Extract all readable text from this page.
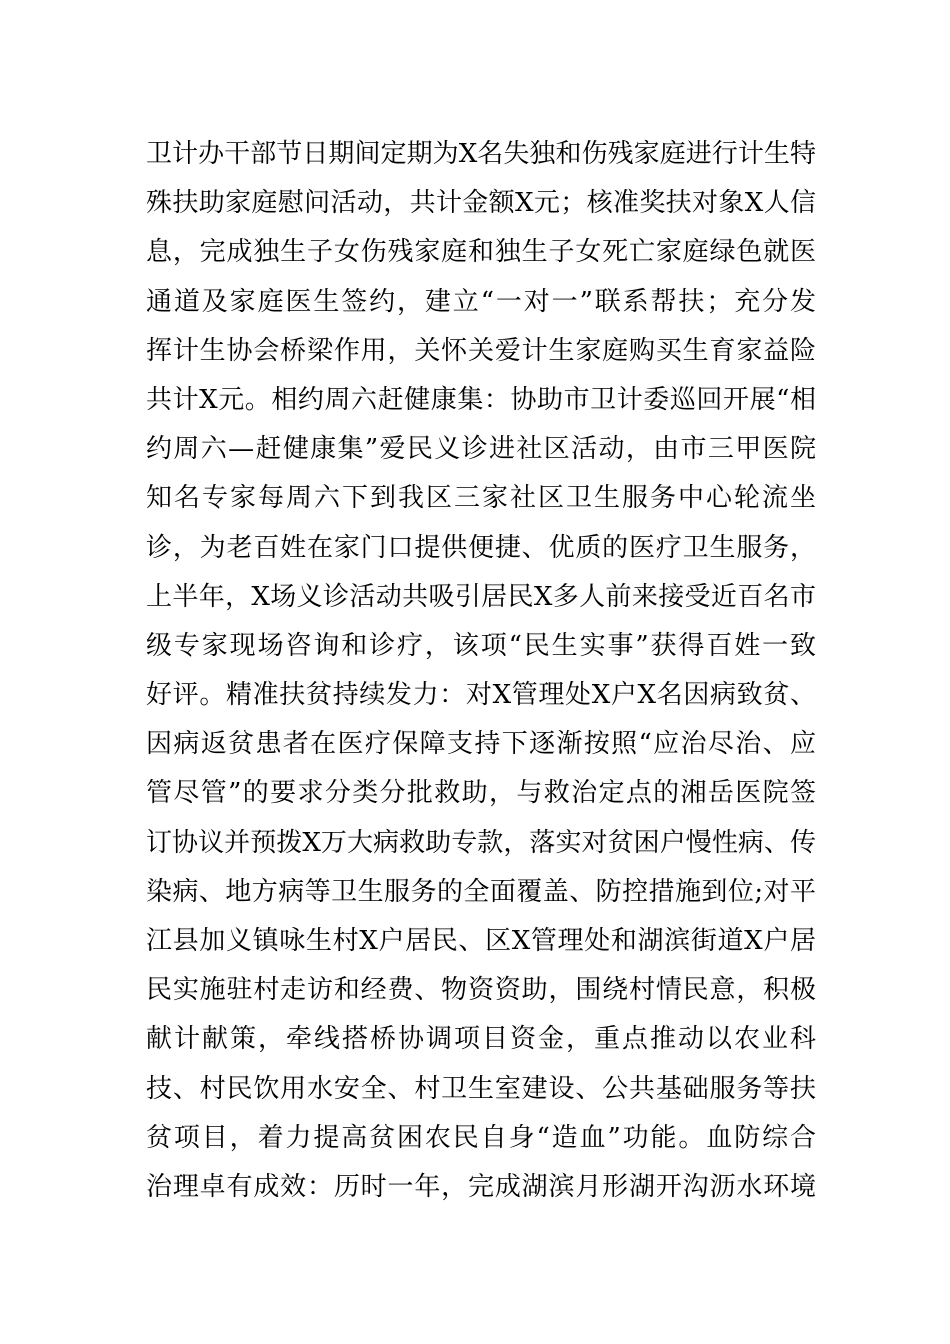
卫计办干部节日期间定期为Ⅹ名失独和伤残家庭进行计生特
殊扶助家庭慰问活动，共计金额Ⅹ元；核准奖扶对象Ⅹ人信
息，完成独生子女伤残家庭和独生子女死亡家庭绿色就医
通道及家庭医生签约，建立“一对一”联系帮扶；充分发
挥计生协会桥梁作用，关怀关爱计生家庭购买生育家益险
共计Ⅹ元。相约周六赶健康集：协助市卫计委巡回开展“相
约周六—赶健康集”爱民义诊进社区活动，由市三甲医院
知名专家每周六下到我区三家社区卫生服务中心轮流坐
诊，为老百姓在家门口提供便捷、优质的医疗卫生服务，
上半年，Ⅹ场义诊活动共吸引居民Ⅹ多人前来接受近百名市
级专家现场咨询和诊疗，该项“民生实事”获得百姓一致
好评。精准扶贫持续发力：对Ⅹ管理处Ⅹ户Ⅹ名因病致贫、
因病返贫患者在医疗保障支持下逐渐按照“应治尽治、应
管尽管”的要求分类分批救助，与救治定点的湘岳医院签
订协议并预拨Ⅹ万大病救助专款，落实对贫困户慢性病、传
染病、地方病等卫生服务的全面覆盖、防控措施到位;对平
江县加义镇咏生村Ⅹ户居民、区Ⅹ管理处和湖滨街道Ⅹ户居
民实施驻村走访和经费、物资资助，围绕村情民意，积极
献计献策，牵线搭桥协调项目资金，重点推动以农业科
技、村民饮用水安全、村卫生室建设、公共基础服务等扶
贫项目，着力提高贫困农民自身“造血”功能。血防综合
治理卓有成效：历时一年，完成湖滨月形湖开沟沥水环境
